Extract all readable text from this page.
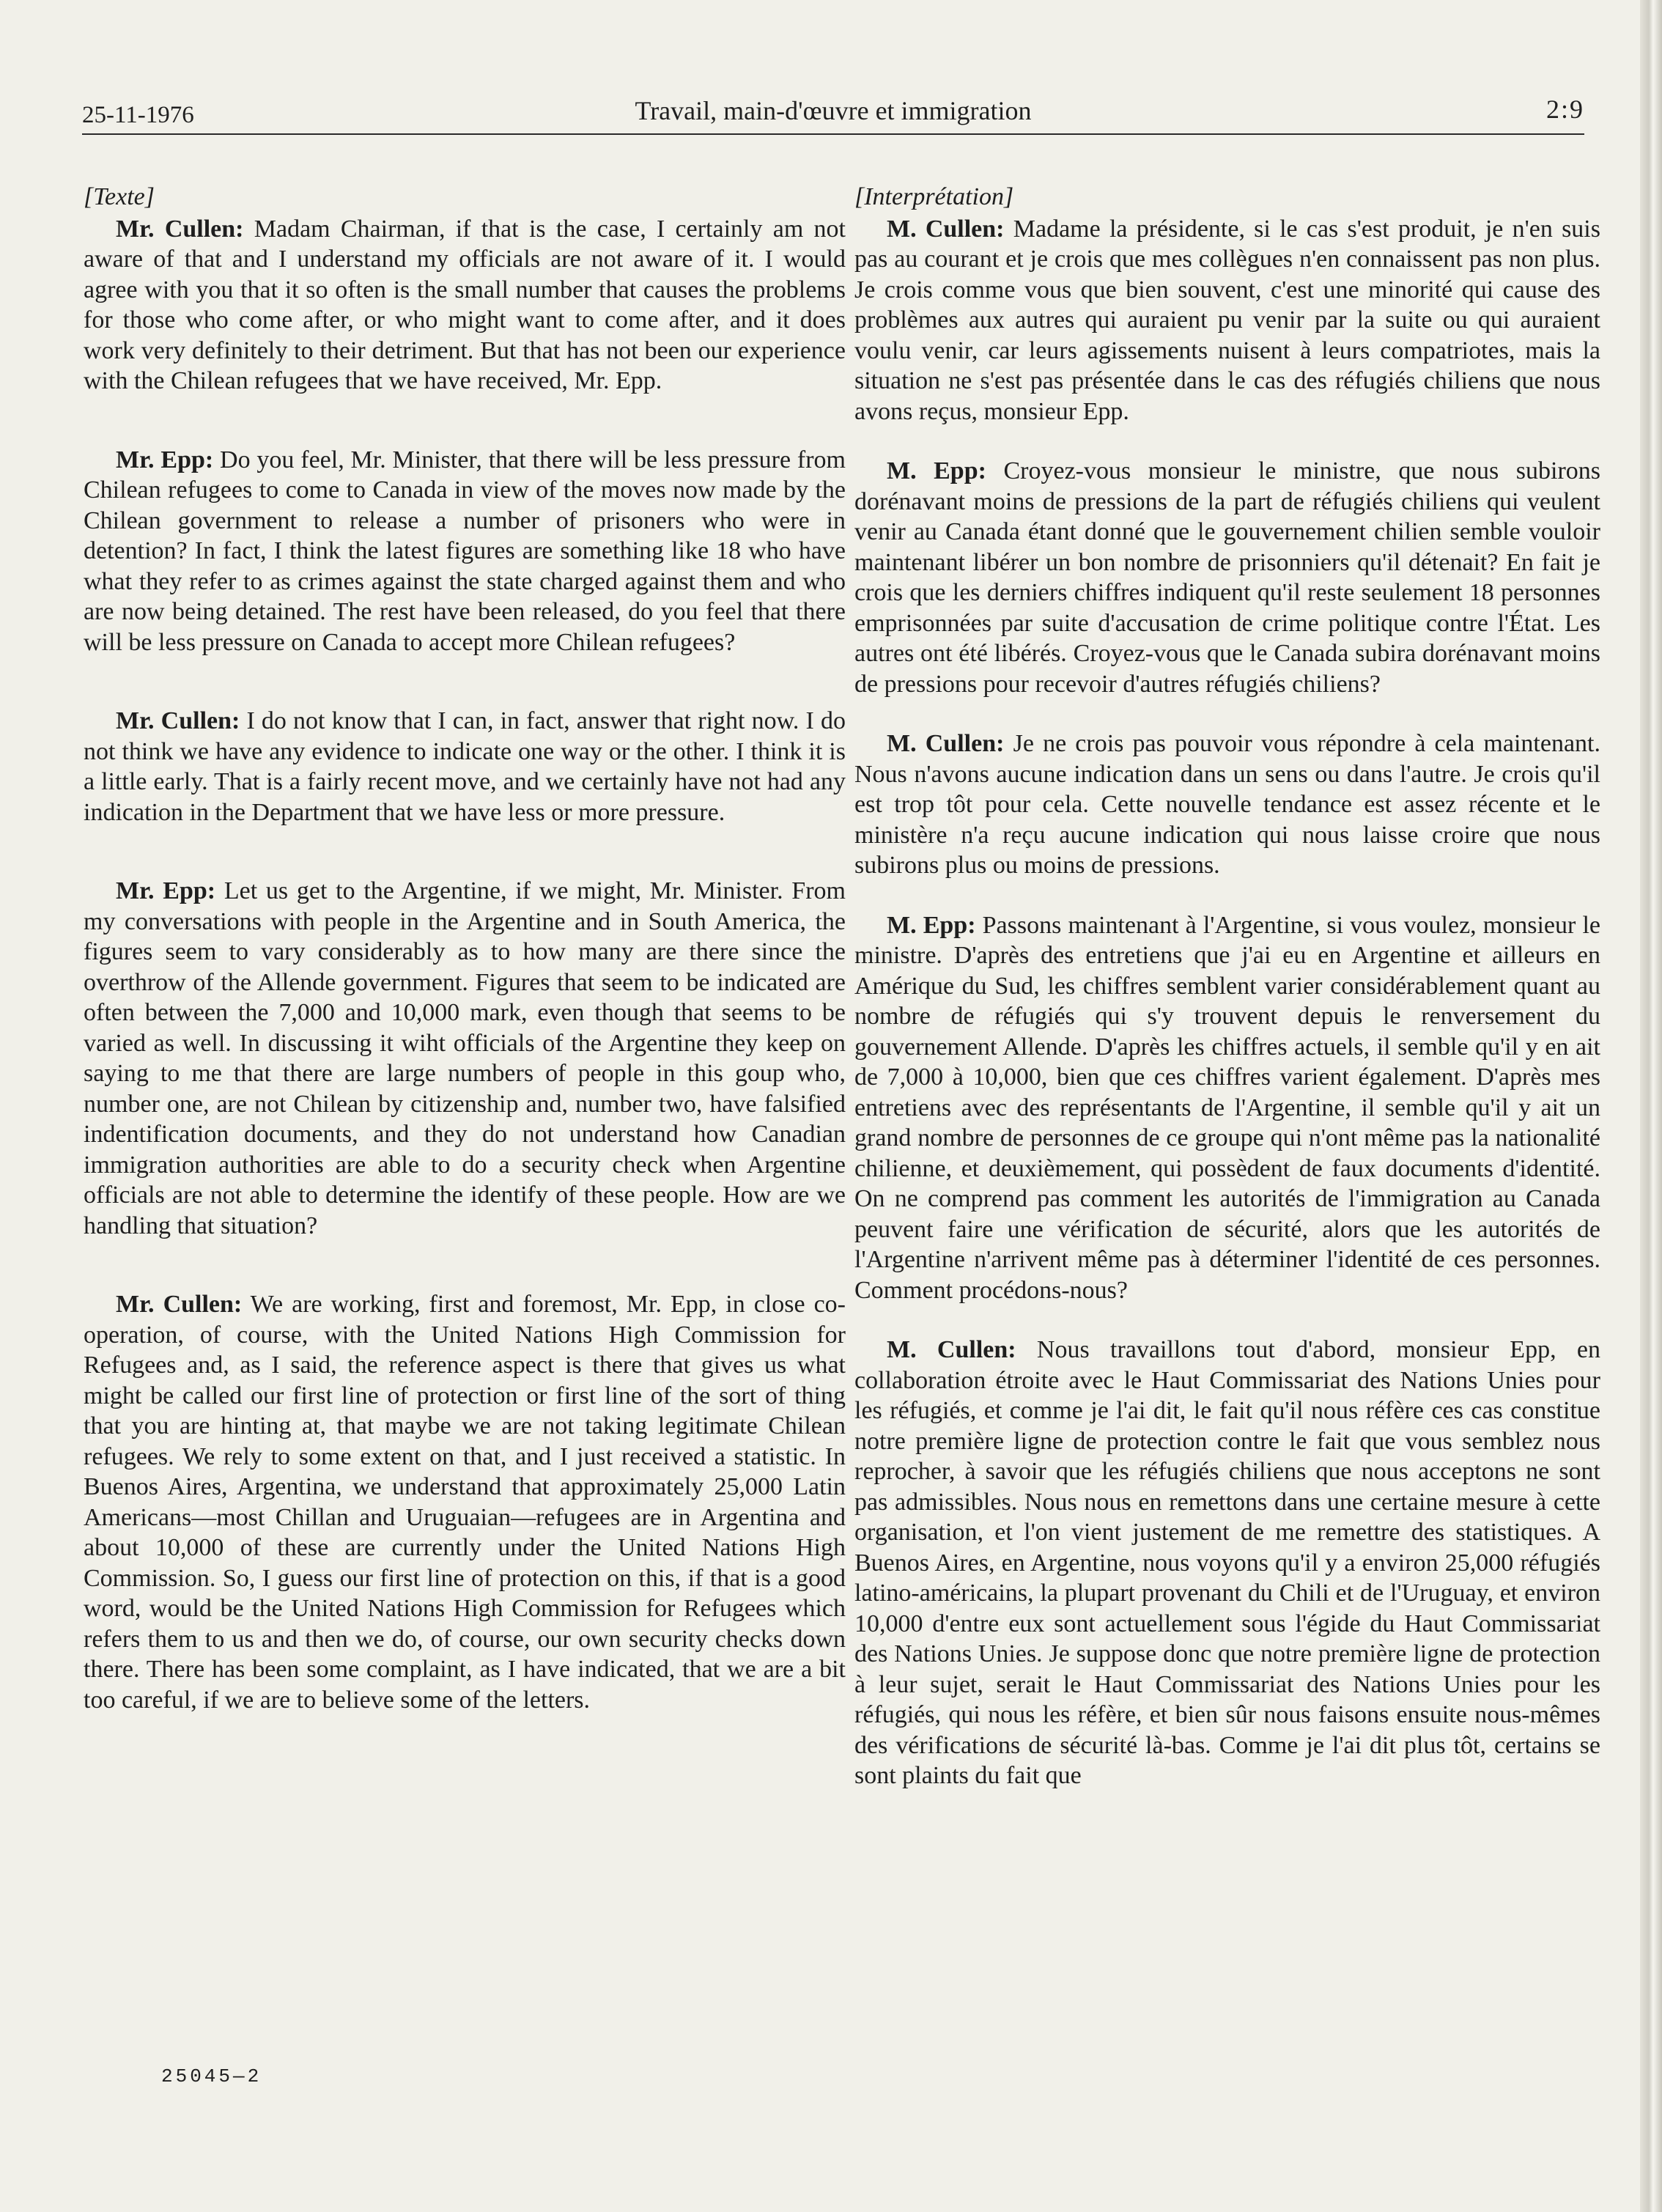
25-11-1976	Travail, main-d'œuvre et immigration	2:9

[Texte]

Mr. Cullen: Madam Chairman, if that is the case, I certainly am not aware of that and I understand my officials are not aware of it. I would agree with you that it so often is the small number that causes the problems for those who come after, or who might want to come after, and it does work very definitely to their detriment. But that has not been our experience with the Chilean refugees that we have received, Mr. Epp.

Mr. Epp: Do you feel, Mr. Minister, that there will be less pressure from Chilean refugees to come to Canada in view of the moves now made by the Chilean government to release a number of prisoners who were in detention? In fact, I think the latest figures are something like 18 who have what they refer to as crimes against the state charged against them and who are now being detained. The rest have been released, do you feel that there will be less pressure on Canada to accept more Chilean refugees?

Mr. Cullen: I do not know that I can, in fact, answer that right now. I do not think we have any evidence to indicate one way or the other. I think it is a little early. That is a fairly recent move, and we certainly have not had any indication in the Department that we have less or more pressure.

Mr. Epp: Let us get to the Argentine, if we might, Mr. Minister. From my conversations with people in the Argentine and in South America, the figures seem to vary considerably as to how many are there since the overthrow of the Allende government. Figures that seem to be indicated are often between the 7,000 and 10,000 mark, even though that seems to be varied as well. In discussing it wiht officials of the Argentine they keep on saying to me that there are large numbers of people in this goup who, number one, are not Chilean by citizenship and, number two, have falsified indentification documents, and they do not understand how Canadian immigration authorities are able to do a security check when Argentine officials are not able to determine the identify of these people. How are we handling that situation?

Mr. Cullen: We are working, first and foremost, Mr. Epp, in close co-operation, of course, with the United Nations High Commission for Refugees and, as I said, the reference aspect is there that gives us what might be called our first line of protection or first line of the sort of thing that you are hinting at, that maybe we are not taking legitimate Chilean refugees. We rely to some extent on that, and I just received a statistic. In Buenos Aires, Argentina, we understand that approximately 25,000 Latin Americans—most Chillan and Uruguaian—refugees are in Argentina and about 10,000 of these are currently under the United Nations High Commission. So, I guess our first line of protection on this, if that is a good word, would be the United Nations High Commission for Refugees which refers them to us and then we do, of course, our own security checks down there. There has been some complaint, as I have indicated, that we are a bit too careful, if we are to believe some of the letters.

[Interprétation]

M. Cullen: Madame la présidente, si le cas s'est produit, je n'en suis pas au courant et je crois que mes collègues n'en connaissent pas non plus. Je crois comme vous que bien souvent, c'est une minorité qui cause des problèmes aux autres qui auraient pu venir par la suite ou qui auraient voulu venir, car leurs agissements nuisent à leurs compatriotes, mais la situation ne s'est pas présentée dans le cas des réfugiés chiliens que nous avons reçus, monsieur Epp.

M. Epp: Croyez-vous monsieur le ministre, que nous subirons dorénavant moins de pressions de la part de réfugiés chiliens qui veulent venir au Canada étant donné que le gouvernement chilien semble vouloir maintenant libérer un bon nombre de prisonniers qu'il détenait? En fait je crois que les derniers chiffres indiquent qu'il reste seulement 18 personnes emprisonnées par suite d'accusation de crime politique contre l'État. Les autres ont été libérés. Croyez-vous que le Canada subira dorénavant moins de pressions pour recevoir d'autres réfugiés chiliens?

M. Cullen: Je ne crois pas pouvoir vous répondre à cela maintenant. Nous n'avons aucune indication dans un sens ou dans l'autre. Je crois qu'il est trop tôt pour cela. Cette nouvelle tendance est assez récente et le ministère n'a reçu aucune indication qui nous laisse croire que nous subirons plus ou moins de pressions.

M. Epp: Passons maintenant à l'Argentine, si vous voulez, monsieur le ministre. D'après des entretiens que j'ai eu en Argentine et ailleurs en Amérique du Sud, les chiffres semblent varier considérablement quant au nombre de réfugiés qui s'y trouvent depuis le renversement du gouvernement Allende. D'après les chiffres actuels, il semble qu'il y en ait de 7,000 à 10,000, bien que ces chiffres varient également. D'après mes entretiens avec des représentants de l'Argentine, il semble qu'il y ait un grand nombre de personnes de ce groupe qui n'ont même pas la nationalité chilienne, et deuxièmement, qui possèdent de faux documents d'identité. On ne comprend pas comment les autorités de l'immigration au Canada peuvent faire une vérification de sécurité, alors que les autorités de l'Argentine n'arrivent même pas à déterminer l'identité de ces personnes. Comment procédons-nous?

M. Cullen: Nous travaillons tout d'abord, monsieur Epp, en collaboration étroite avec le Haut Commissariat des Nations Unies pour les réfugiés, et comme je l'ai dit, le fait qu'il nous réfère ces cas constitue notre première ligne de protection contre le fait que vous semblez nous reprocher, à savoir que les réfugiés chiliens que nous acceptons ne sont pas admissibles. Nous nous en remettons dans une certaine mesure à cette organisation, et l'on vient justement de me remettre des statistiques. A Buenos Aires, en Argentine, nous voyons qu'il y a environ 25,000 réfugiés latino-américains, la plupart provenant du Chili et de l'Uruguay, et environ 10,000 d'entre eux sont actuellement sous l'égide du Haut Commissariat des Nations Unies. Je suppose donc que notre première ligne de protection à leur sujet, serait le Haut Commissariat des Nations Unies pour les réfugiés, qui nous les réfère, et bien sûr nous faisons ensuite nous-mêmes des vérifications de sécurité là-bas. Comme je l'ai dit plus tôt, certains se sont plaints du fait que

25045—2
